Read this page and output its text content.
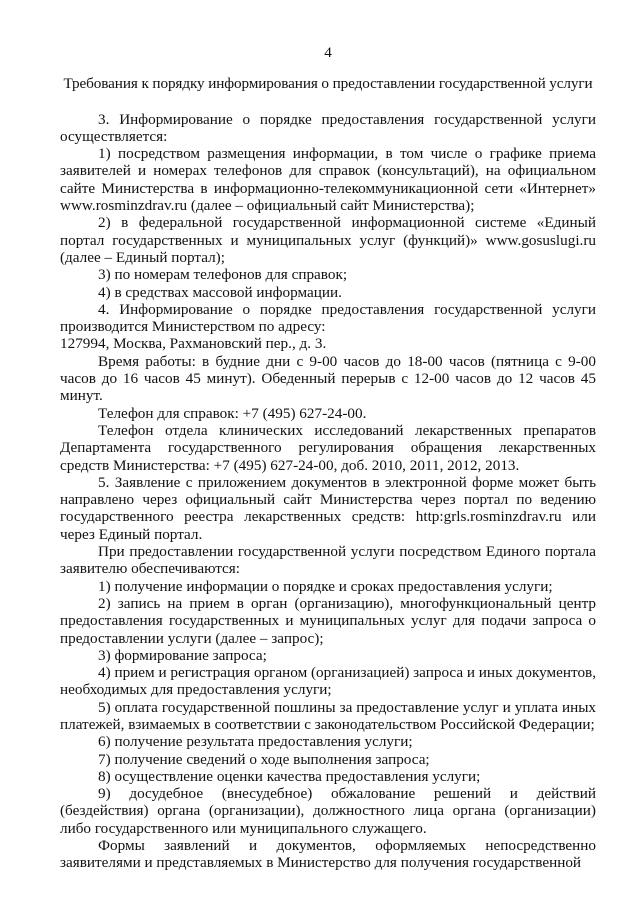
4
Требования к порядку информирования о предоставлении государственной услуги

3. Информирование о порядке предоставления государственной услуги осуществляется:

1) посредством размещения информации, в том числе о графике приема заявителей и номерах телефонов для справок (консультаций), на официальном сайте Министерства в информационно-телекоммуникационной сети «Интернет» www.rosminzdrav.ru (далее – официальный сайт Министерства);

2) в федеральной государственной информационной системе «Единый портал государственных и муниципальных услуг (функций)» www.gosuslugi.ru (далее – Единый портал);

3) по номерам телефонов для справок;

4) в средствах массовой информации.

4. Информирование о порядке предоставления государственной услуги производится Министерством по адресу:

127994, Москва, Рахмановский пер., д. 3.

Время работы: в будние дни с 9-00 часов до 18-00 часов (пятница с 9-00 часов до 16 часов 45 минут). Обеденный перерыв с 12-00 часов до 12 часов 45 минут.

Телефон для справок: +7 (495) 627-24-00.

Телефон отдела клинических исследований лекарственных препаратов Департамента государственного регулирования обращения лекарственных средств Министерства: +7 (495) 627-24-00, доб. 2010, 2011, 2012, 2013.

5. Заявление с приложением документов в электронной форме может быть направлено через официальный сайт Министерства через портал по ведению государственного реестра лекарственных средств: http:grls.rosminzdrav.ru или через Единый портал.

При предоставлении государственной услуги посредством Единого портала заявителю обеспечиваются:

1) получение информации о порядке и сроках предоставления услуги;

2) запись на прием в орган (организацию), многофункциональный центр предоставления государственных и муниципальных услуг для подачи запроса о предоставлении услуги (далее – запрос);

3) формирование запроса;

4) прием и регистрация органом (организацией) запроса и иных документов, необходимых для предоставления услуги;

5) оплата государственной пошлины за предоставление услуг и уплата иных платежей, взимаемых в соответствии с законодательством Российской Федерации;

6) получение результата предоставления услуги;

7) получение сведений о ходе выполнения запроса;

8) осуществление оценки качества предоставления услуги;

9) досудебное (внесудебное) обжалование решений и действий (бездействия) органа (организации), должностного лица органа (организации) либо государственного или муниципального служащего.

Формы заявлений и документов, оформляемых непосредственно заявителями и представляемых в Министерство для получения государственной
